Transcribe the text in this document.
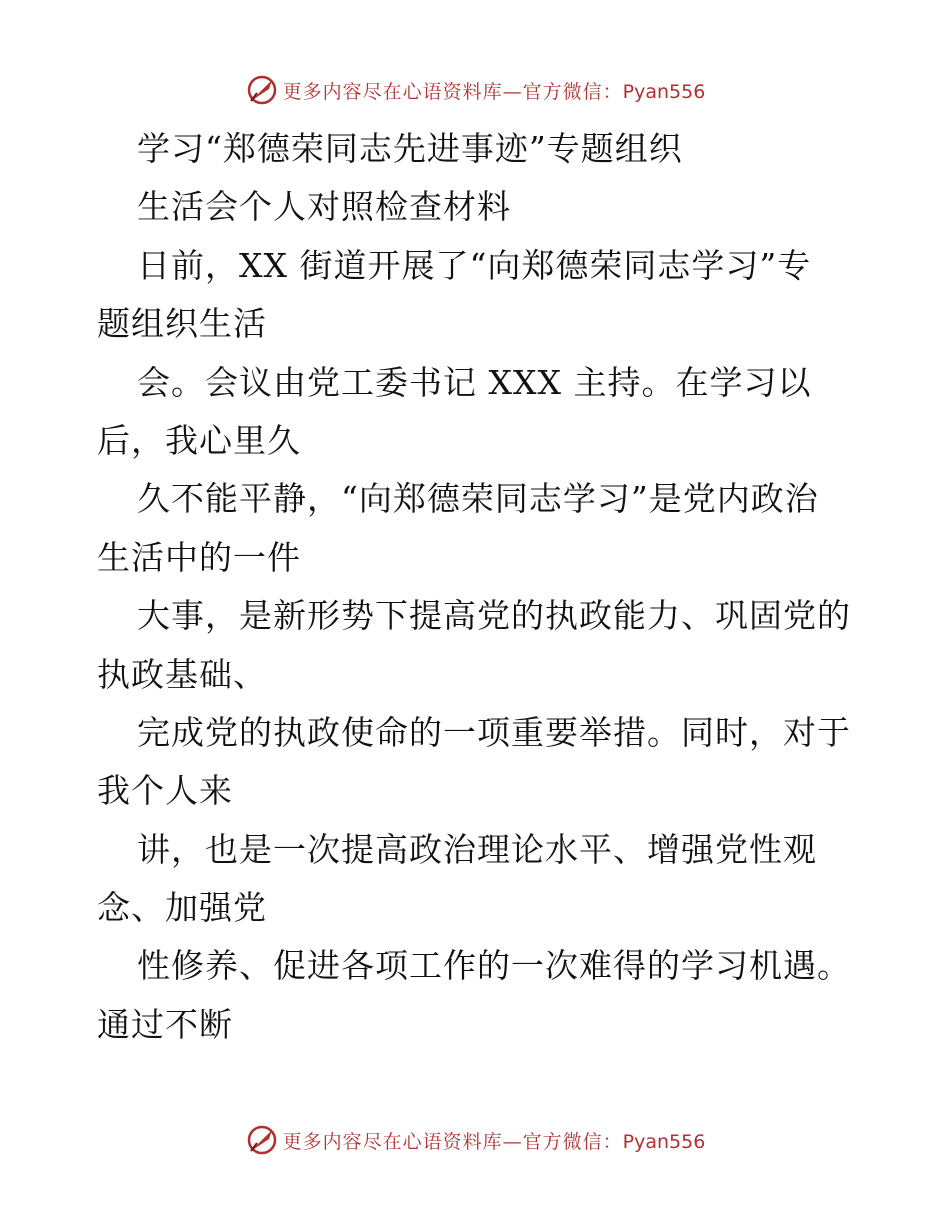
更多内容尽在心语资料库—官方微信：Pyan556
学习“郑德荣同志先进事迹”专题组织
生活会个人对照检查材料
日前，XX 街道开展了“向郑德荣同志学习”专
题组织生活
会。会议由党工委书记 XXX 主持。在学习以
后，我心里久
久不能平静，“向郑德荣同志学习”是党内政治
生活中的一件
大事，是新形势下提高党的执政能力、巩固党的
执政基础、
完成党的执政使命的一项重要举措。同时，对于
我个人来
讲，也是一次提高政治理论水平、增强党性观
念、加强党
性修养、促进各项工作的一次难得的学习机遇。
通过不断
更多内容尽在心语资料库—官方微信：Pyan556
